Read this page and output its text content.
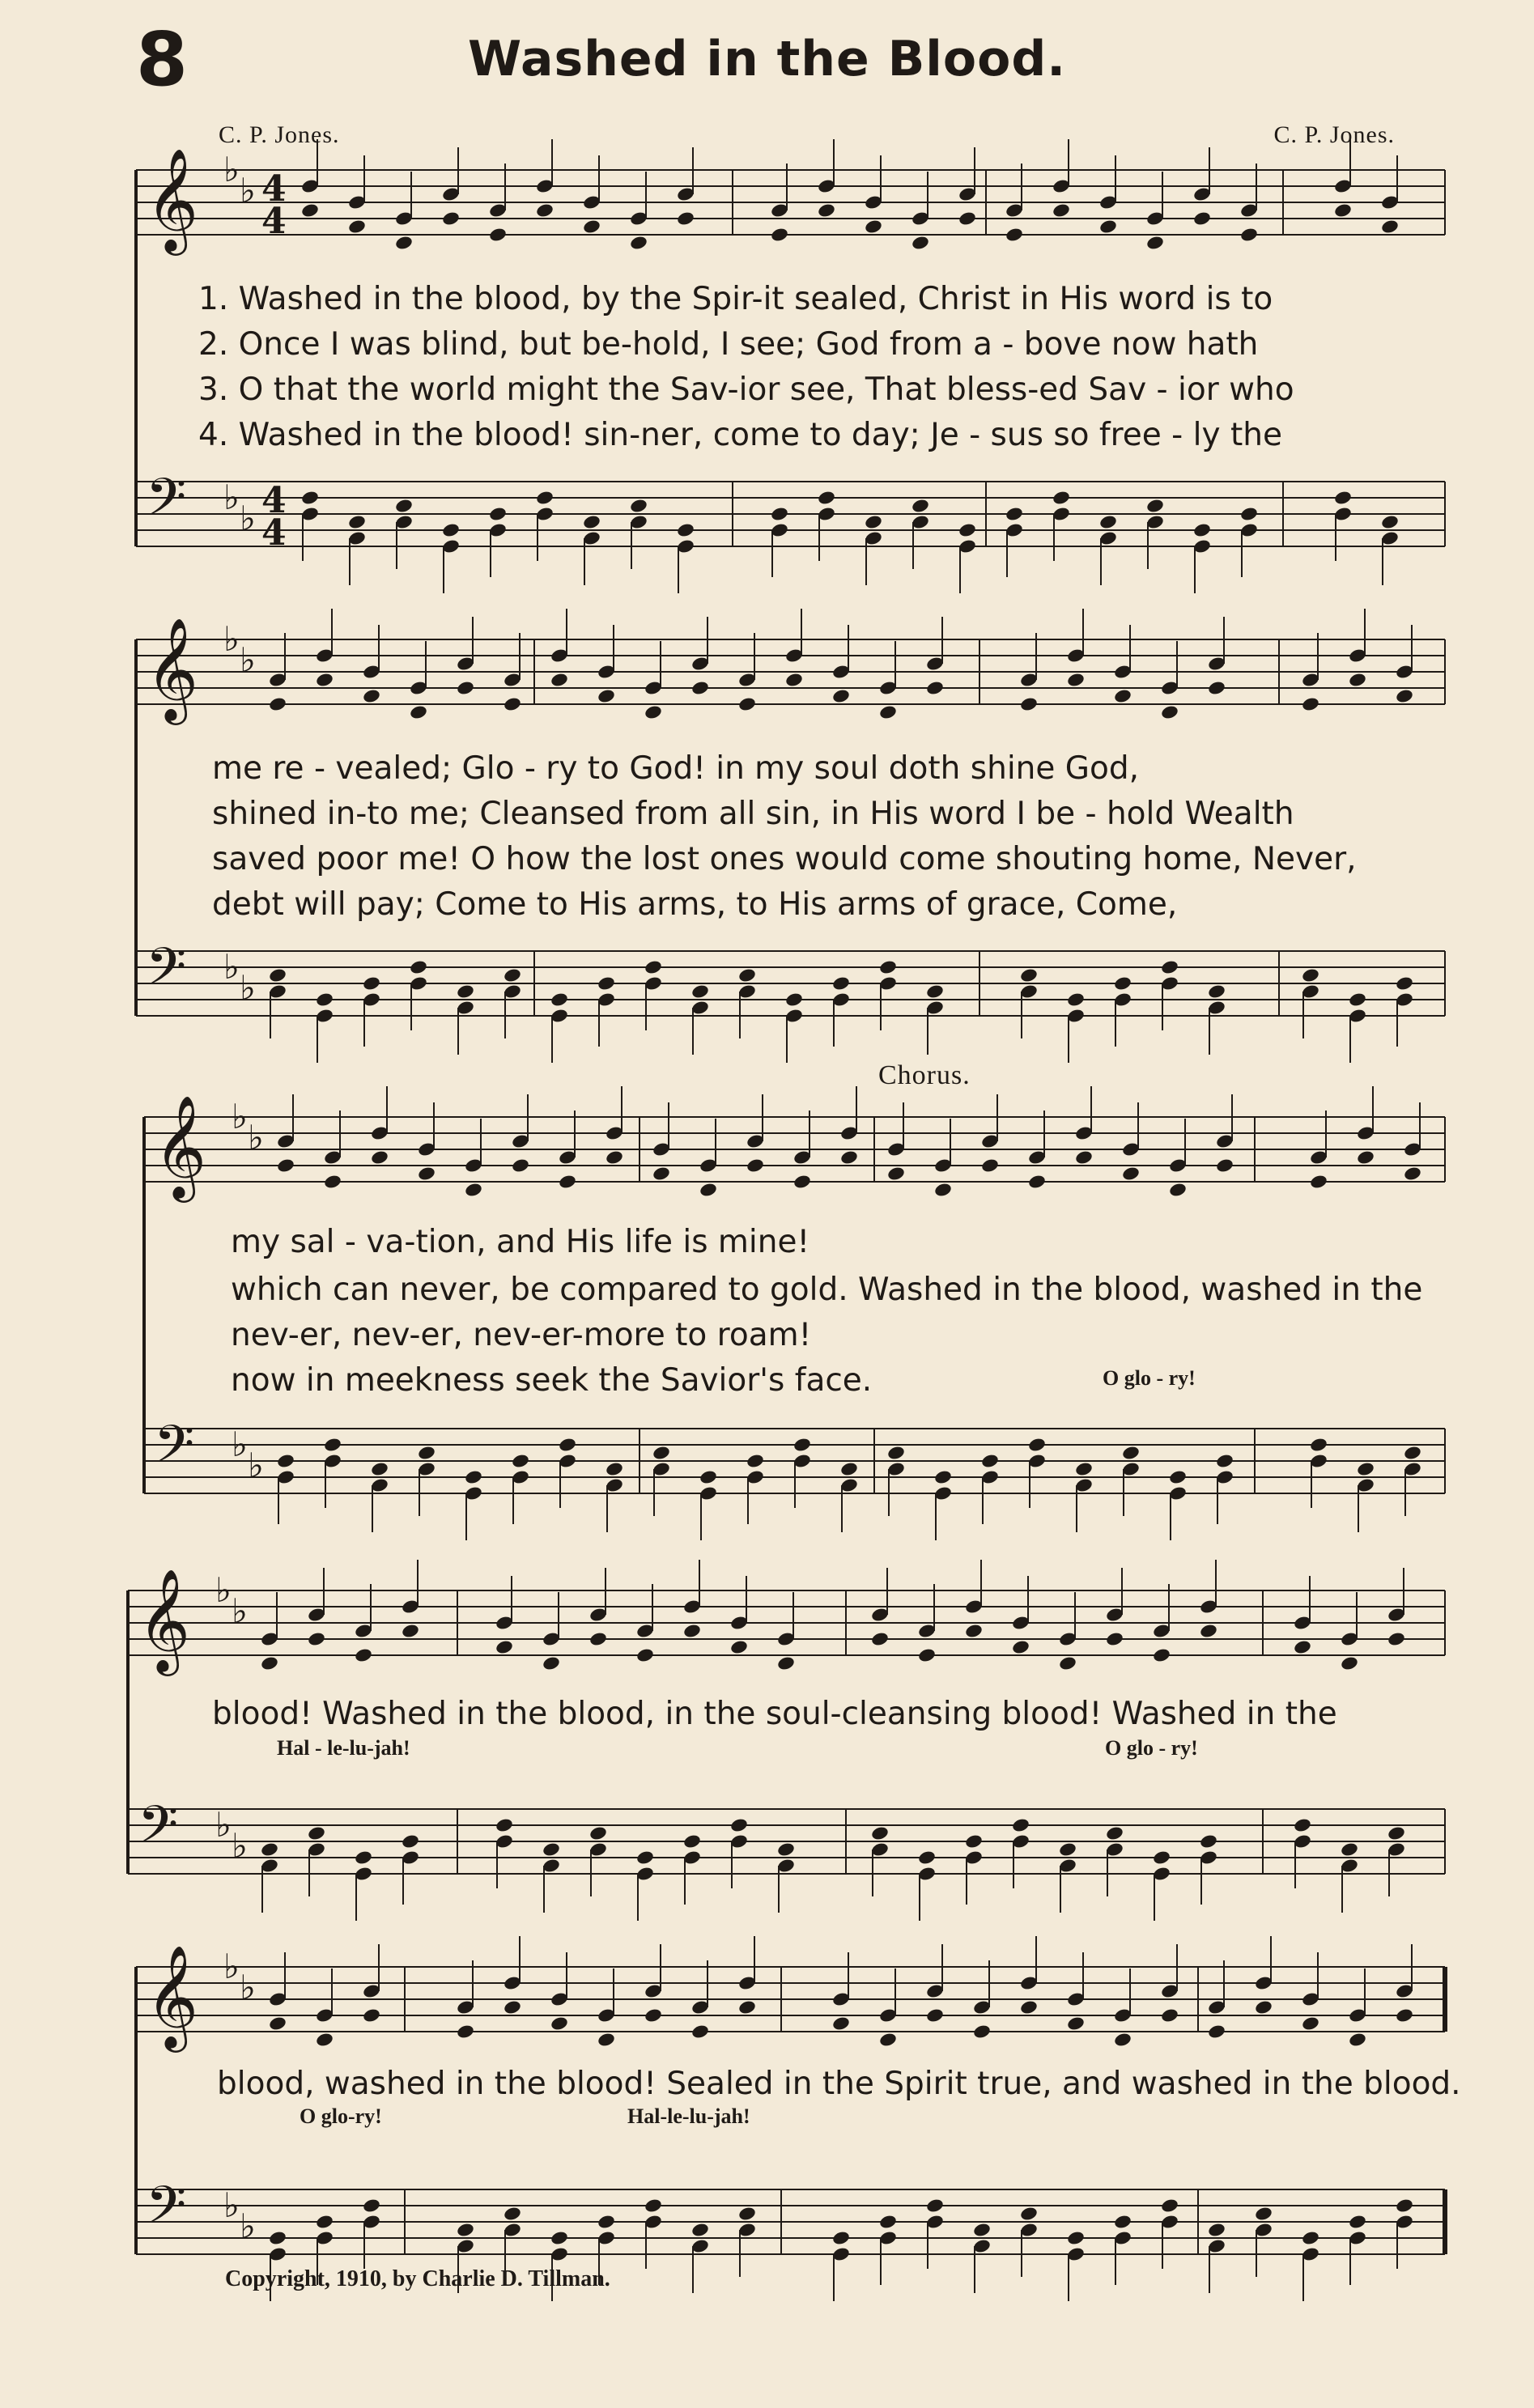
8	Washed in the Blood.
C. P. Jones.	C. P. Jones.
𝄞 ♭
♭ 4
4
𝄢 ♭
♭ 4
4
𝄞 ♭
♭
𝄢 ♭
♭
𝄞 ♭
♭
𝄢 ♭
♭
𝄞 ♭
♭
𝄢 ♭
♭
𝄞 ♭
♭
𝄢 ♭
♭
1. Washed in the blood, by the Spir-it sealed, Christ in His word is to
2. Once I was blind, but be-hold, I see; God from a - bove now hath
3. O that the world might the Sav-ior see, That bless-ed Sav - ior who
4. Washed in the blood! sin-ner, come to day; Je - sus so free - ly the
me re - vealed; Glo - ry to God! in my soul doth shine God,
shined in-to me; Cleansed from all sin, in His word I be - hold Wealth
saved poor me! O how the lost ones would come shouting home, Never,
debt will pay; Come to His arms, to His arms of grace, Come,
Chorus.
my sal - va-tion, and His life is mine!
which can never, be compared to gold. Washed in the blood, washed in the
nev-er, nev-er, nev-er-more to roam!
now in meekness seek the Savior's face.	O glo - ry!
blood! Washed in the blood, in the soul-cleansing blood! Washed in the
Hal - le-lu-jah!	O glo - ry!
blood, washed in the blood! Sealed in the Spirit true, and washed in the blood.
O glo-ry!	Hal-le-lu-jah!
Copyright, 1910, by Charlie D. Tillman.
